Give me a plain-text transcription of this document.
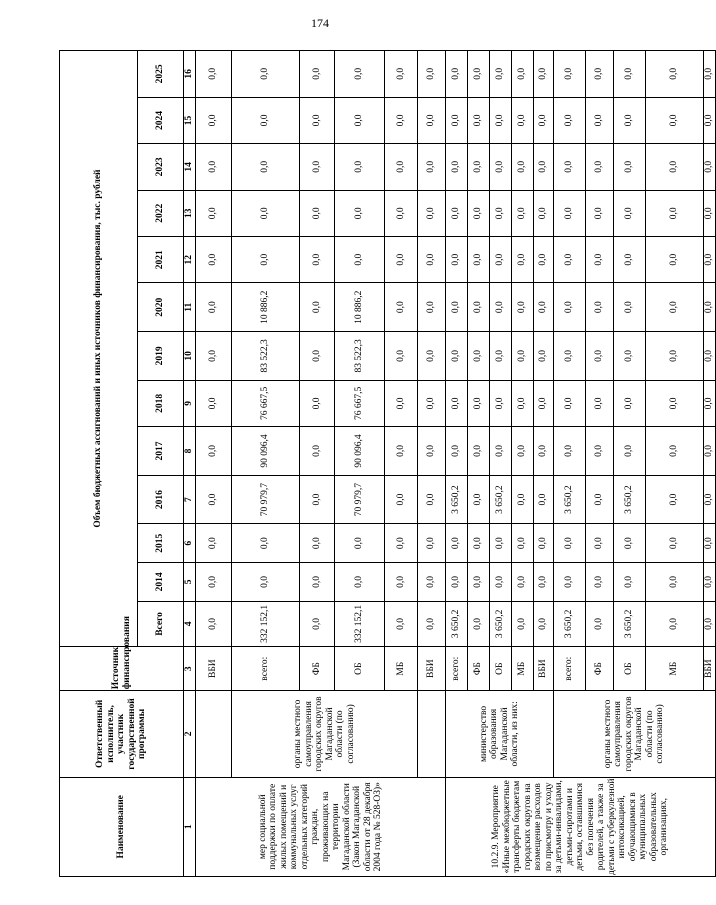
174
Наименование	Ответственный исполнитель, участник государственной программы	Источник финансирования	Объем бюджетных ассигнований и иных источников финансирования, тыс. рублей												
			Всего	2014	2015	2016	2017	2018	2019	2020	2021	2022	2023	2024	2025
1	2	3	4	5	6	7	8	9	10	11	12	13	14	15	16
мер социальной поддержки по оплате жилых помещений и коммунальных услуг отдельных категорий граждан, проживающих на территории Магаданской области (Закон Магаданской области от 28 декабря 2004 года № 528-ОЗ)»		ВБИ	0,0	0,0	0,0	0,0	0,0	0,0	0,0	0,0	0,0	0,0	0,0	0,0	0,0
	органы местного самоуправления городских округов Магаданской области (по согласованию)	всего:	332 152,1	0,0	0,0	70 979,7	90 096,4	76 667,5	83 522,3	10 886,2	0,0	0,0	0,0	0,0	0,0
		ФБ	0,0	0,0	0,0	0,0	0,0	0,0	0,0	0,0	0,0	0,0	0,0	0,0	0,0
		ОБ	332 152,1	0,0	0,0	70 979,7	90 096,4	76 667,5	83 522,3	10 886,2	0,0	0,0	0,0	0,0	0,0
		МБ	0,0	0,0	0,0	0,0	0,0	0,0	0,0	0,0	0,0	0,0	0,0	0,0	0,0
		ВБИ	0,0	0,0	0,0	0,0	0,0	0,0	0,0	0,0	0,0	0,0	0,0	0,0	0,0
10.2.9. Мероприятие «Иные межбюджетные трансферты бюджетам городских округов на возмещение расходов по присмотру и уходу за детьми-инвалидами, детьми-сиротами и детьми, оставшимися без попечения родителей, а также за детьми с туберкулезной интоксикацией, обучающимися в муниципальных образовательных организациях,	министерство образования Магаданской области, из них:	всего:	3 650,2	0,0	0,0	3 650,2	0,0	0,0	0,0	0,0	0,0	0,0	0,0	0,0	0,0
		ФБ	0,0	0,0	0,0	0,0	0,0	0,0	0,0	0,0	0,0	0,0	0,0	0,0	0,0
		ОБ	3 650,2	0,0	0,0	3 650,2	0,0	0,0	0,0	0,0	0,0	0,0	0,0	0,0	0,0
		МБ	0,0	0,0	0,0	0,0	0,0	0,0	0,0	0,0	0,0	0,0	0,0	0,0	0,0
		ВБИ	0,0	0,0	0,0	0,0	0,0	0,0	0,0	0,0	0,0	0,0	0,0	0,0	0,0
	органы местного самоуправления городских округов Магаданской области (по согласованию)	всего:	3 650,2	0,0	0,0	3 650,2	0,0	0,0	0,0	0,0	0,0	0,0	0,0	0,0	0,0
		ФБ	0,0	0,0	0,0	0,0	0,0	0,0	0,0	0,0	0,0	0,0	0,0	0,0	0,0
		ОБ	3 650,2	0,0	0,0	3 650,2	0,0	0,0	0,0	0,0	0,0	0,0	0,0	0,0	0,0
		МБ	0,0	0,0	0,0	0,0	0,0	0,0	0,0	0,0	0,0	0,0	0,0	0,0	0,0
		ВБИ	0,0	0,0	0,0	0,0	0,0	0,0	0,0	0,0	0,0	0,0	0,0	0,0	0,0
